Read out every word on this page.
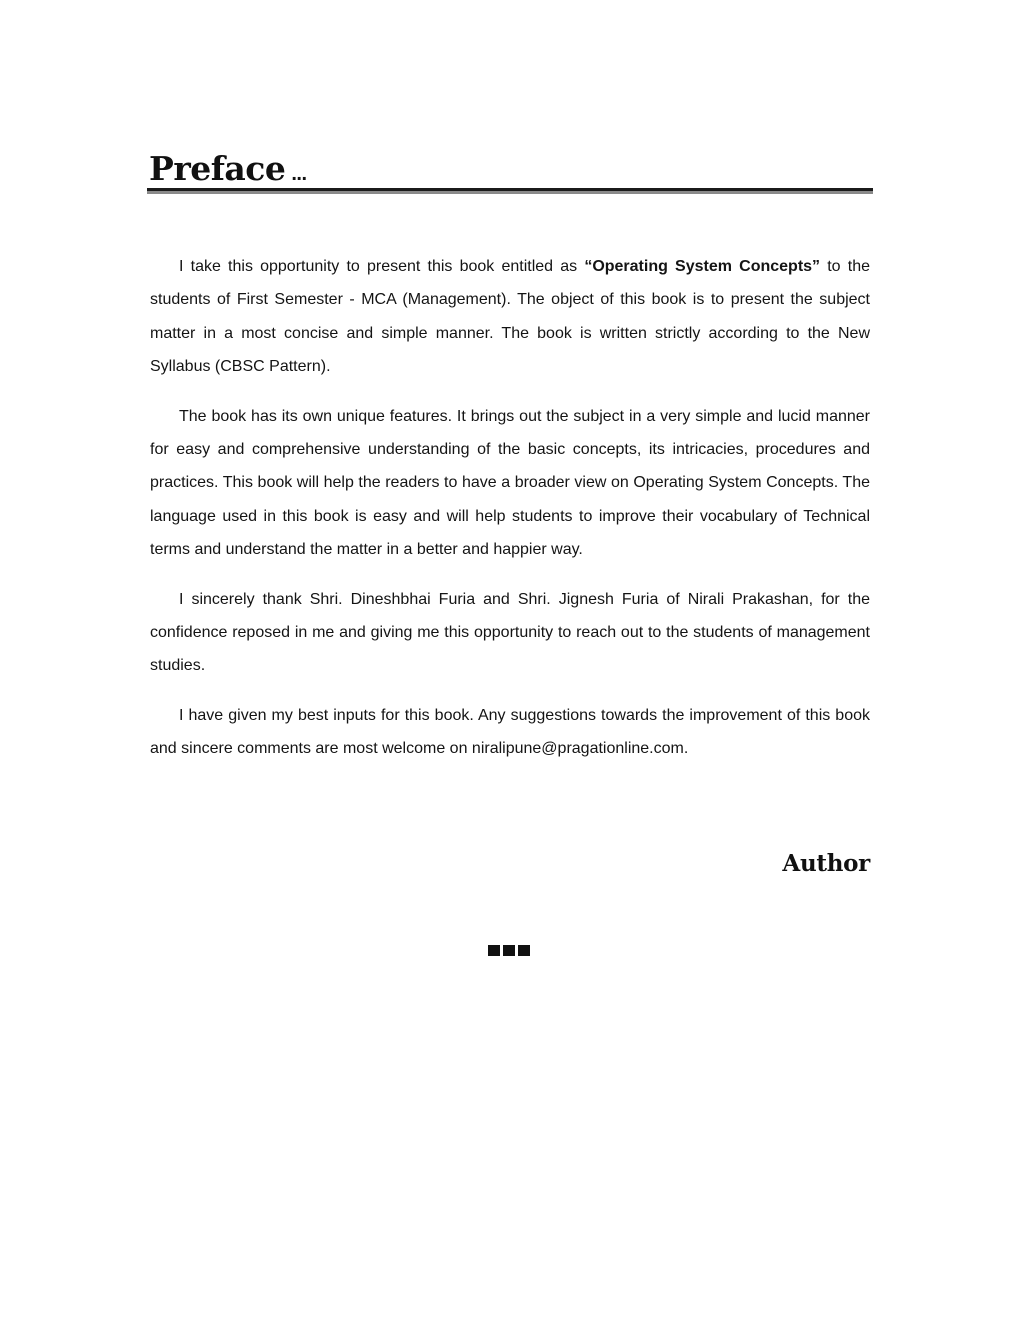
Preface ...

I take this opportunity to present this book entitled as “Operating System Concepts” to the students of First Semester - MCA (Management). The object of this book is to present the subject matter in a most concise and simple manner. The book is written strictly according to the New Syllabus (CBSC Pattern).

The book has its own unique features. It brings out the subject in a very simple and lucid manner for easy and comprehensive understanding of the basic concepts, its intricacies, procedures and practices. This book will help the readers to have a broader view on Operating System Concepts. The language used in this book is easy and will help students to improve their vocabulary of Technical terms and understand the matter in a better and happier way.

I sincerely thank Shri. Dineshbhai Furia and Shri. Jignesh Furia of Nirali Prakashan, for the confidence reposed in me and giving me this opportunity to reach out to the students of management studies.

I have given my best inputs for this book. Any suggestions towards the improvement of this book and sincere comments are most welcome on niralipune@pragationline.com.

Author
